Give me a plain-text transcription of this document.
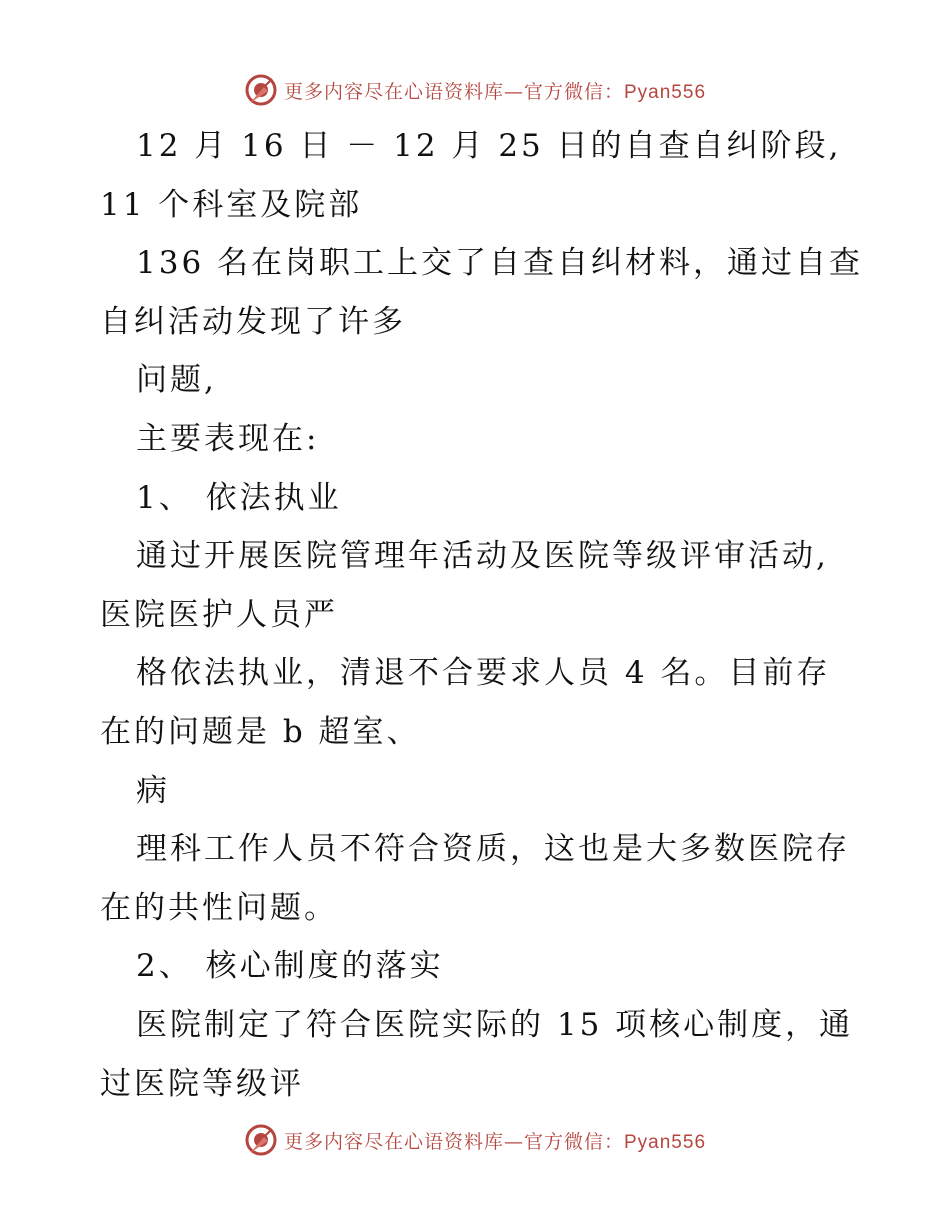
更多内容尽在心语资料库—官方微信：Pyan556
12 月 16 日 － 12 月 25 日的自查自纠阶段,
11 个科室及院部
136 名在岗职工上交了自查自纠材料，通过自查
自纠活动发现了许多
问题,
主要表现在:
1、 依法执业
通过开展医院管理年活动及医院等级评审活动,
医院医护人员严
格依法执业，清退不合要求人员 4 名。目前存
在的问题是 b 超室、
病
理科工作人员不符合资质，这也是大多数医院存
在的共性问题。
2、 核心制度的落实
医院制定了符合医院实际的 15 项核心制度，通
过医院等级评
更多内容尽在心语资料库—官方微信：Pyan556
